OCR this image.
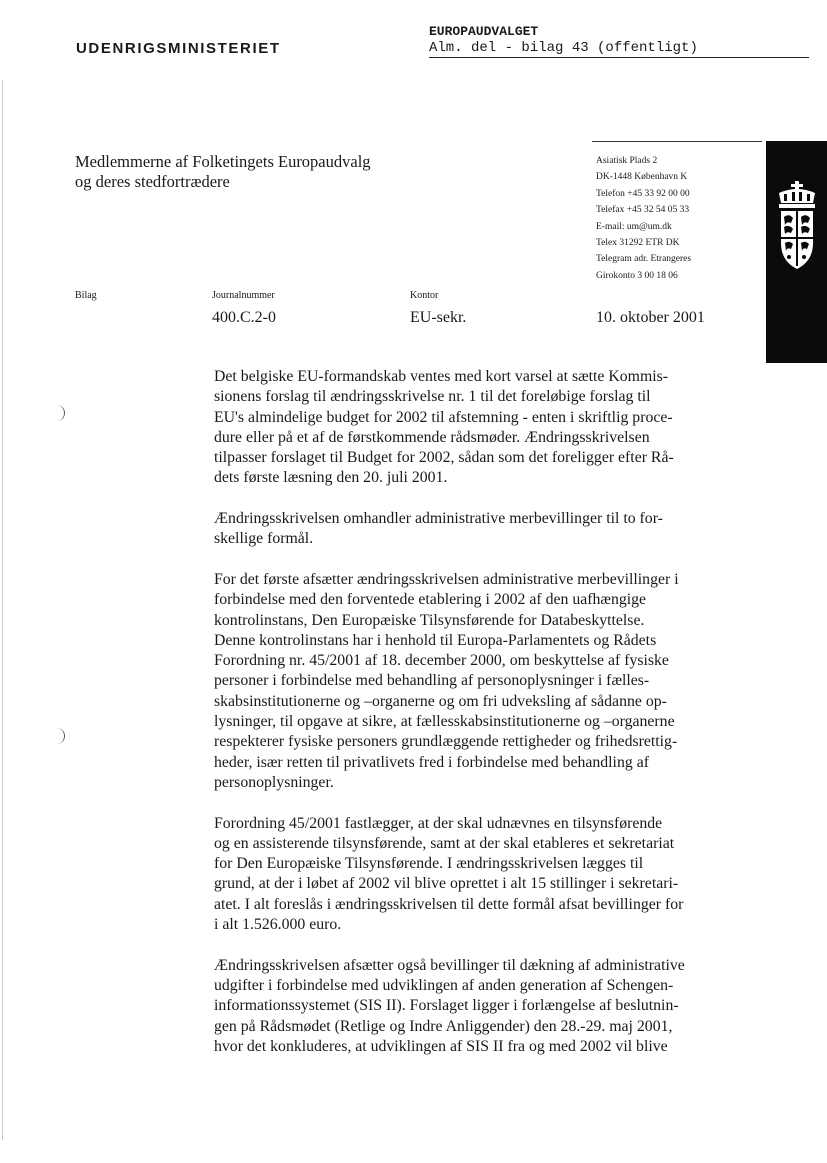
UDENRIGSMINISTERIET
EUROPAUDVALGET
Alm. del - bilag 43 (offentligt)
Medlemmerne af Folketingets Europaudvalg
og deres stedfortrædere
Asiatisk Plads 2
DK-1448 København K
Telefon +45 33 92 00 00
Telefax +45 32 54 05 33
E-mail: um@um.dk
Telex 31292 ETR DK
Telegram adr. Etrangeres
Girokonto 3 00 18 06
Bilag	Journalnummer
400.C.2-0
Kontor
EU-sekr.	10. oktober 2001

Det belgiske EU-formandskab ventes med kort varsel at sætte Kommis-
sionens forslag til ændringsskrivelse nr. 1 til det foreløbige forslag til
EU's almindelige budget for 2002 til afstemning - enten i skriftlig proce-
dure eller på et af de førstkommende rådsmøder. Ændringsskrivelsen
tilpasser forslaget til Budget for 2002, sådan som det foreligger efter Rå-
dets første læsning den 20. juli 2001.

Ændringsskrivelsen omhandler administrative merbevillinger til to for-
skellige formål.

For det første afsætter ændringsskrivelsen administrative merbevillinger i
forbindelse med den forventede etablering i 2002 af den uafhængige
kontrolinstans, Den Europæiske Tilsynsførende for Databeskyttelse.
Denne kontrolinstans har i henhold til Europa-Parlamentets og Rådets
Forordning nr. 45/2001 af 18. december 2000, om beskyttelse af fysiske
personer i forbindelse med behandling af personoplysninger i fælles-
skabsinstitutionerne og –organerne og om fri udveksling af sådanne op-
lysninger, til opgave at sikre, at fællesskabsinstitutionerne og –organerne
respekterer fysiske personers grundlæggende rettigheder og frihedsrettig-
heder, især retten til privatlivets fred i forbindelse med behandling af
personoplysninger.

Forordning 45/2001 fastlægger, at der skal udnævnes en tilsynsførende
og en assisterende tilsynsførende, samt at der skal etableres et sekretariat
for Den Europæiske Tilsynsførende. I ændringsskrivelsen lægges til
grund, at der i løbet af 2002 vil blive oprettet i alt 15 stillinger i sekretari-
atet. I alt foreslås i ændringsskrivelsen til dette formål afsat bevillinger for
i alt 1.526.000 euro.

Ændringsskrivelsen afsætter også bevillinger til dækning af administrative
udgifter i forbindelse med udviklingen af anden generation af Schengen-
informationssystemet (SIS II). Forslaget ligger i forlængelse af beslutnin-
gen på Rådsmødet (Retlige og Indre Anliggender) den 28.-29. maj 2001,
hvor det konkluderes, at udviklingen af SIS II fra og med 2002 vil blive
